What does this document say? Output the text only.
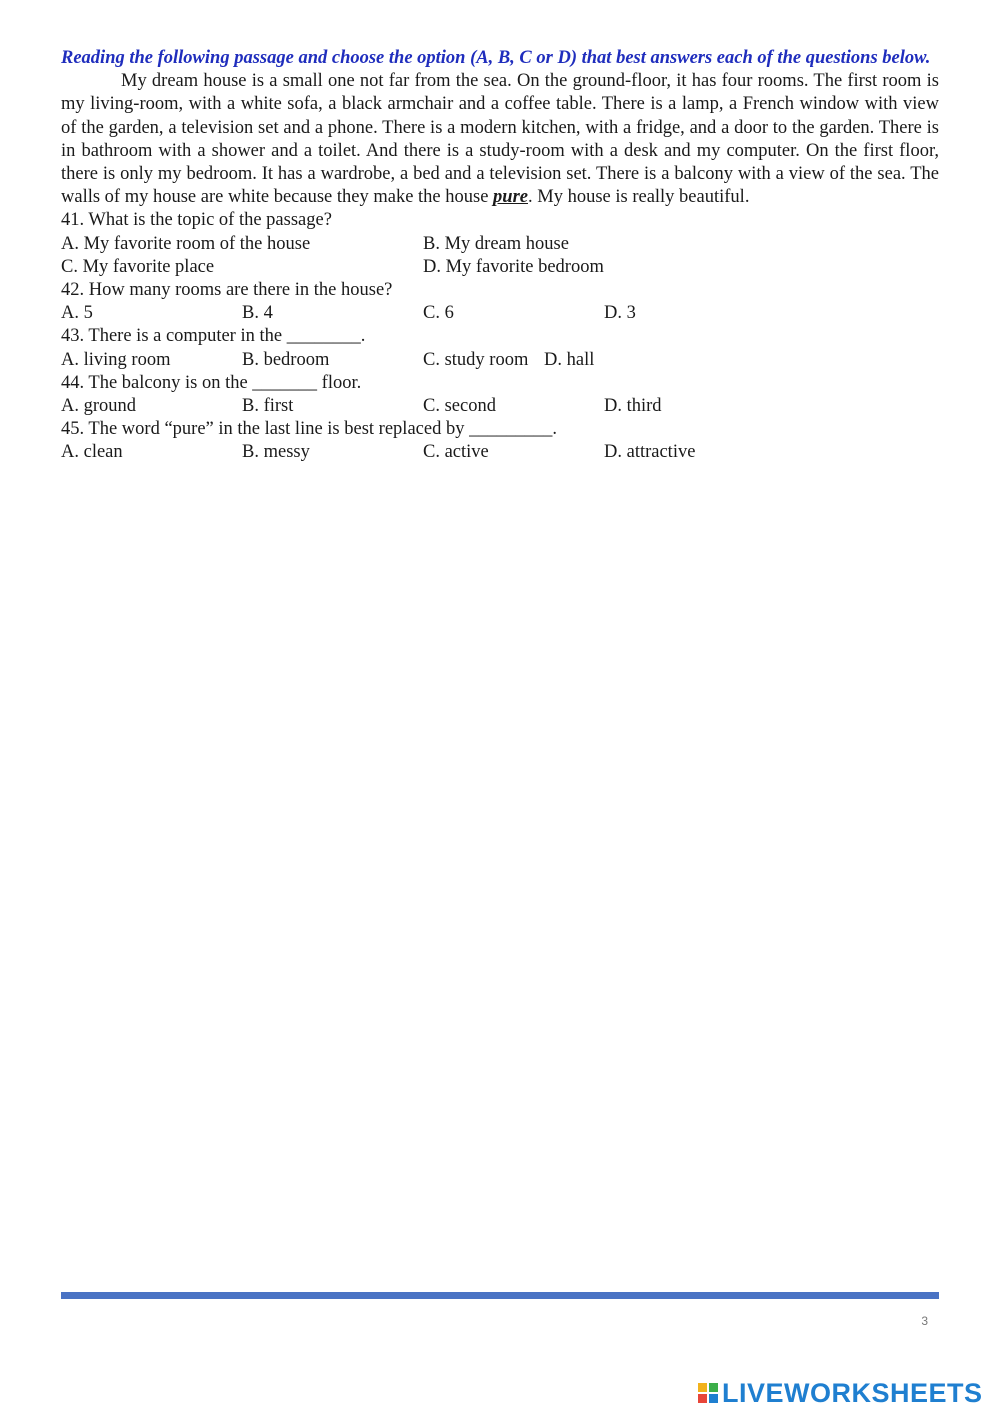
Reading the following passage and choose the option (A, B, C or D) that best answers each of the questions below.

My dream house is a small one not far from the sea. On the ground-floor, it has four rooms. The first room is my living-room, with a white sofa, a black armchair and a coffee table. There is a lamp, a French window with view of the garden, a television set and a phone. There is a modern kitchen, with a fridge, and a door to the garden. There is in bathroom with a shower and a toilet. And there is a study-room with a desk and my computer. On the first floor, there is only my bedroom. It has a wardrobe, a bed and a television set. There is a balcony with a view of the sea. The walls of my house are white because they make the house pure. My house is really beautiful.

41. What is the topic of the passage?

A. My favorite room of the house	B. My dream house
C. My favorite place	D. My favorite bedroom

42. How many rooms are there in the house?

A. 5	B. 4	C. 6	D. 3

43. There is a computer in the ________.

A. living room	B. bedroom	C. study room D. hall

44. The balcony is on the _______ floor.

A. ground	B. first	C. second	D. third

45. The word “pure” in the last line is best replaced by _________.

A. clean	B. messy	C. active	D. attractive
3
LIVEWORKSHEETS
